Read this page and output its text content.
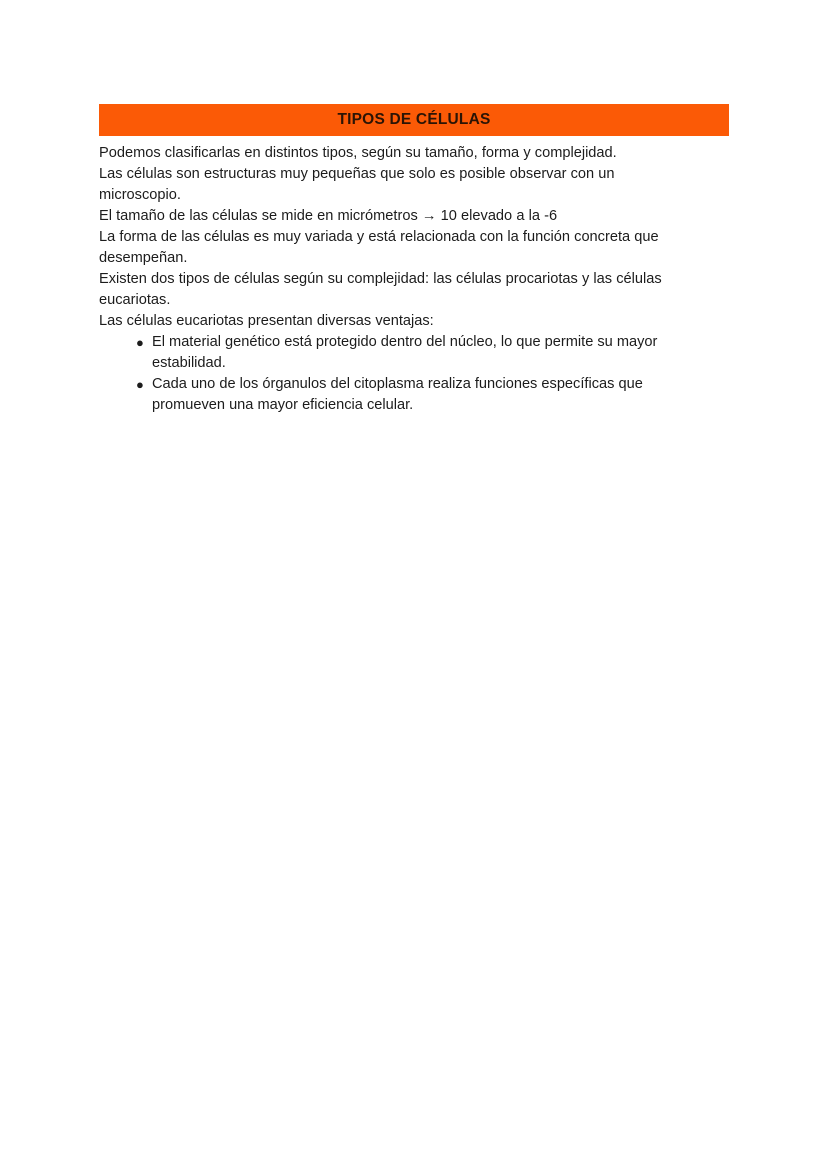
TIPOS DE CÉLULAS

Podemos clasificarlas en distintos tipos, según su tamaño, forma y complejidad.

Las células son estructuras muy pequeñas que solo es posible observar con un microscopio.

El tamaño de las células se mide en micrómetros → 10 elevado a la -6

La forma de las células es muy variada y está relacionada con la función concreta que desempeñan.

Existen dos tipos de células según su complejidad: las células procariotas y las células eucariotas.

Las células eucariotas presentan diversas ventajas:

● El material genético está protegido dentro del núcleo, lo que permite su mayor estabilidad.
● Cada uno de los órganulos del citoplasma realiza funciones específicas que promueven una mayor eficiencia celular.
